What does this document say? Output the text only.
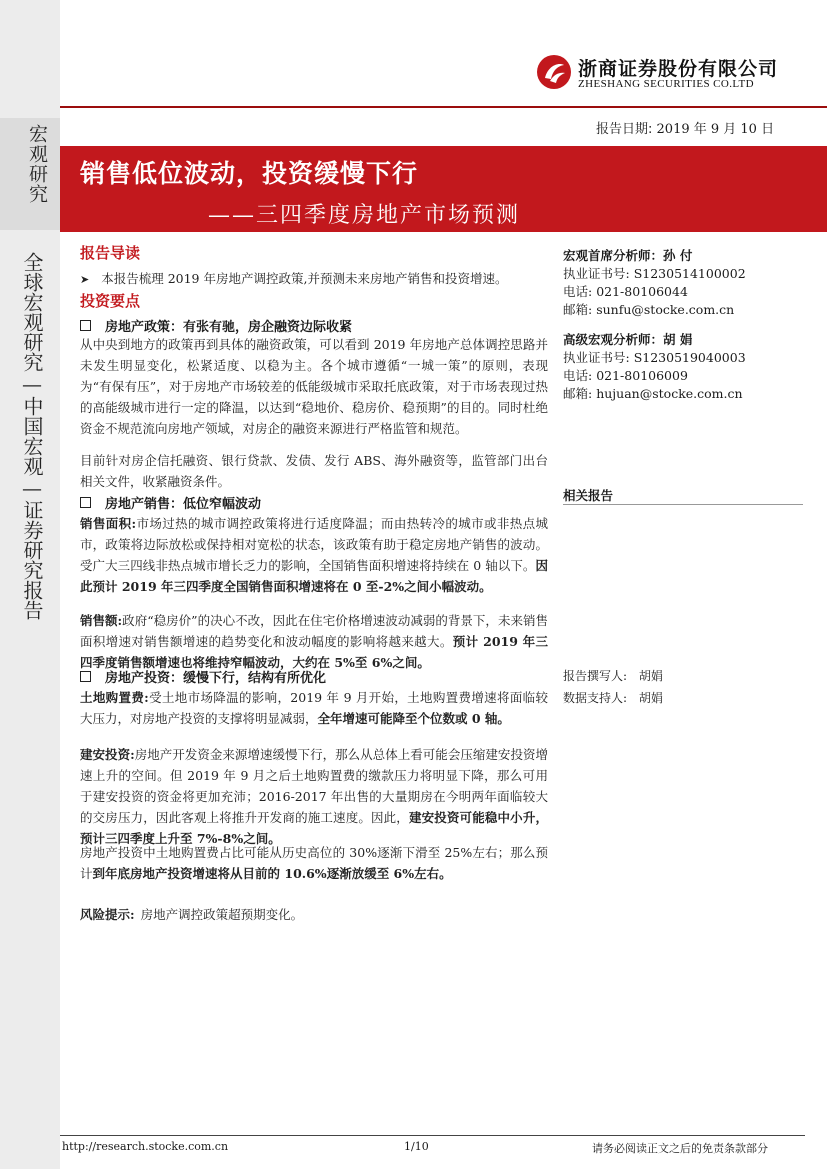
宏观研究
全球宏观研究—中国宏观—证券研究报告
浙商证券股份有限公司
ZHESHANG SECURITIES CO.LTD
报告日期: 2019 年 9 月 10 日
销售低位波动，投资缓慢下行
——三四季度房地产市场预测
报告导读
➤ 本报告梳理 2019 年房地产调控政策,并预测未来房地产销售和投资增速。
投资要点
房地产政策：有张有驰，房企融资边际收紧
从中央到地方的政策再到具体的融资政策，可以看到 2019 年房地产总体调控思路并未发生明显变化，松紧适度、以稳为主。各个城市遵循“一城一策”的原则，表现为“有保有压”，对于房地产市场较差的低能级城市采取托底政策，对于市场表现过热的高能级城市进行一定的降温，以达到“稳地价、稳房价、稳预期”的目的。同时杜绝资金不规范流向房地产领域，对房企的融资来源进行严格监管和规范。
目前针对房企信托融资、银行贷款、发债、发行 ABS、海外融资等，监管部门出台相关文件，收紧融资条件。
房地产销售：低位窄幅波动
销售面积:市场过热的城市调控政策将进行适度降温；而由热转冷的城市或非热点城市，政策将边际放松或保持相对宽松的状态，该政策有助于稳定房地产销售的波动。受广大三四线非热点城市增长乏力的影响，全国销售面积增速将持续在 0 轴以下。因此预计 2019 年三四季度全国销售面积增速将在 0 至-2%之间小幅波动。
销售额:政府“稳房价”的决心不改，因此在住宅价格增速波动减弱的背景下，未来销售面积增速对销售额增速的趋势变化和波动幅度的影响将越来越大。预计 2019 年三四季度销售额增速也将维持窄幅波动，大约在 5%至 6%之间。
房地产投资：缓慢下行，结构有所优化
土地购置费:受土地市场降温的影响，2019 年 9 月开始，土地购置费增速将面临较大压力，对房地产投资的支撑将明显减弱，全年增速可能降至个位数或 0 轴。
建安投资:房地产开发资金来源增速缓慢下行，那么从总体上看可能会压缩建安投资增速上升的空间。但 2019 年 9 月之后土地购置费的缴款压力将明显下降，那么可用于建安投资的资金将更加充沛；2016-2017 年出售的大量期房在今明两年面临较大的交房压力，因此客观上将推升开发商的施工速度。因此，建安投资可能稳中小升，预计三四季度上升至 7%-8%之间。
房地产投资中土地购置费占比可能从历史高位的 30%逐渐下滑至 25%左右；那么预计到年底房地产投资增速将从目前的 10.6%逐渐放缓至 6%左右。
风险提示: 房地产调控政策超预期变化。
宏观首席分析师：孙 付
执业证书号: S1230514100002
电话: 021-80106044
邮箱: sunfu@stocke.com.cn
高级宏观分析师：胡 娟
执业证书号: S1230519040003
电话: 021-80106009
邮箱: hujuan@stocke.com.cn
相关报告
报告撰写人: 胡娟
数据支持人: 胡娟
http://research.stocke.com.cn	1/10	请务必阅读正文之后的免责条款部分
